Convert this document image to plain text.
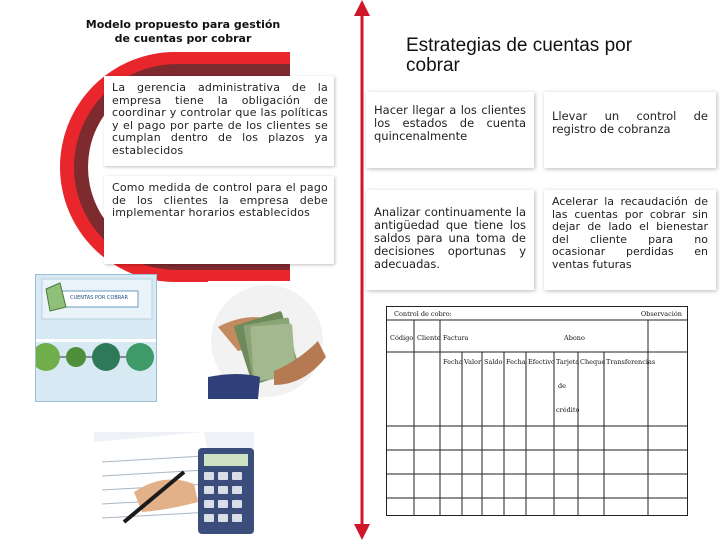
Modelo propuesto para gestión de cuentas por cobrar
La gerencia administrativa de la empresa tiene la obligación de coordinar y controlar que las políticas y el pago por parte de los clientes se cumplan dentro de los plazos ya establecidos
Como medida de control para el pago de los clientes la empresa debe implementar horarios establecidos
CUENTAS POR COBRAR
Estrategias de cuentas por cobrar
Hacer llegar a los clientes los estados de cuenta quincenalmente
Llevar un control de registro de cobranza
Analizar continuamente la antigüedad que tiene los saldos para una toma de decisiones oportunas y adecuadas.
Acelerar la recaudación de las cuentas por cobrar sin dejar de lado el bienestar del cliente para no ocasionar perdidas en ventas futuras
Control de cobro:	Observación
Código Cliente Factura	Abono
Fecha Valor Saldo Fecha Efectivo Tarjeta Cheque Transferencias
de
crédito
